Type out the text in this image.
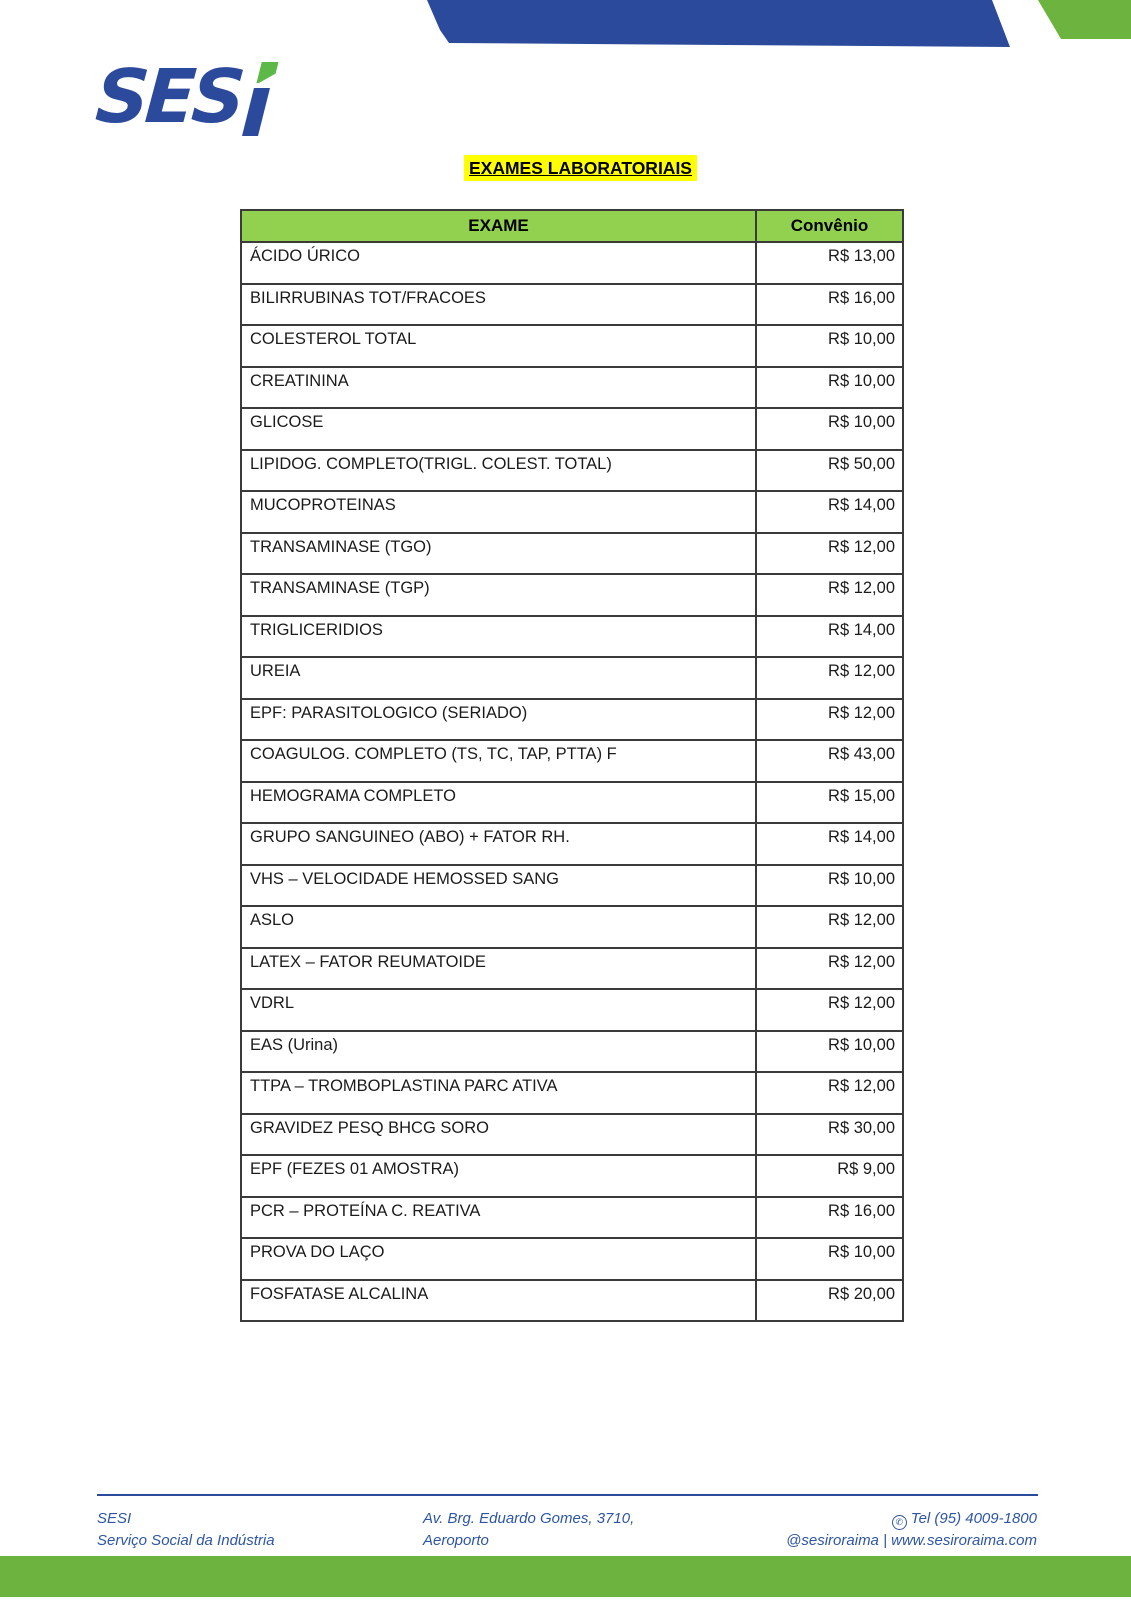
SES
EXAMES LABORATORIAIS
EXAME	Convênio
ÁCIDO ÚRICO	R$ 13,00
BILIRRUBINAS TOT/FRACOES	R$ 16,00
COLESTEROL TOTAL	R$ 10,00
CREATININA	R$ 10,00
GLICOSE	R$ 10,00
LIPIDOG. COMPLETO(TRIGL. COLEST. TOTAL)	R$ 50,00
MUCOPROTEINAS	R$ 14,00
TRANSAMINASE (TGO)	R$ 12,00
TRANSAMINASE (TGP)	R$ 12,00
TRIGLICERIDIOS	R$ 14,00
UREIA	R$ 12,00
EPF: PARASITOLOGICO (SERIADO)	R$ 12,00
COAGULOG. COMPLETO (TS, TC, TAP, PTTA) F	R$ 43,00
HEMOGRAMA COMPLETO	R$ 15,00
GRUPO SANGUINEO (ABO) + FATOR RH.	R$ 14,00
VHS – VELOCIDADE HEMOSSED SANG	R$ 10,00
ASLO	R$ 12,00
LATEX – FATOR REUMATOIDE	R$ 12,00
VDRL	R$ 12,00
EAS (Urina)	R$ 10,00
TTPA – TROMBOPLASTINA PARC ATIVA	R$ 12,00
GRAVIDEZ PESQ BHCG SORO	R$ 30,00
EPF (FEZES 01 AMOSTRA)	R$ 9,00
PCR – PROTEÍNA C. REATIVA	R$ 16,00
PROVA DO LAÇO	R$ 10,00
FOSFATASE ALCALINA	R$ 20,00
SESI
Serviço Social da Indústria
Av. Brg. Eduardo Gomes, 3710,
Aeroporto
✆ Tel (95) 4009-1800
@sesiroraima | www.sesiroraima.com
